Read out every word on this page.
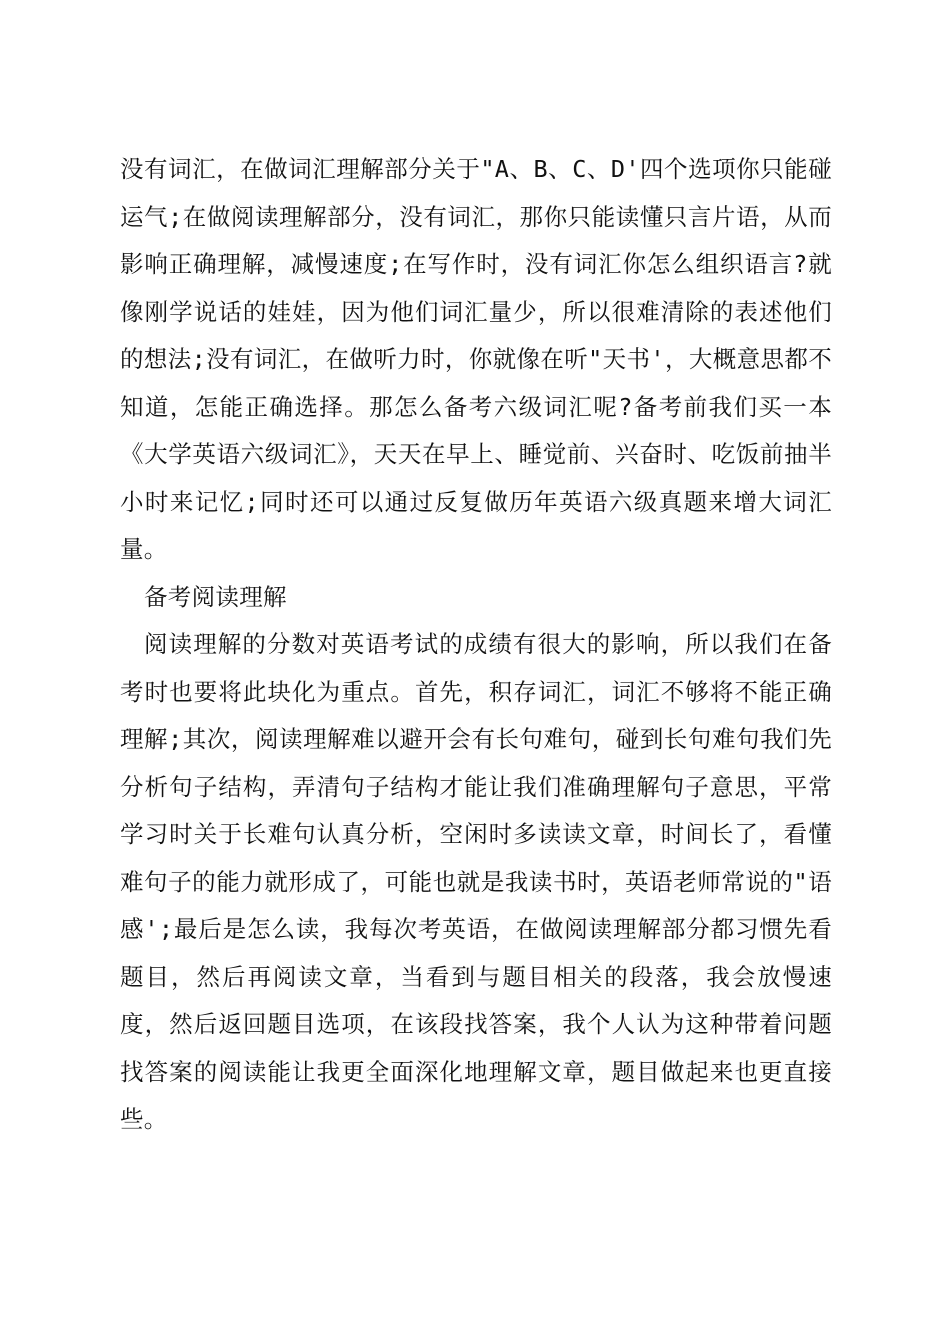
没有词汇，在做词汇理解部分关于"A、B、C、D'四个选项你只能碰运气;在做阅读理解部分，没有词汇，那你只能读懂只言片语，从而影响正确理解，减慢速度;在写作时，没有词汇你怎么组织语言?就像刚学说话的娃娃，因为他们词汇量少，所以很难清除的表述他们的想法;没有词汇，在做听力时，你就像在听"天书'，大概意思都不知道，怎能正确选择。那怎么备考六级词汇呢?备考前我们买一本《大学英语六级词汇》，天天在早上、睡觉前、兴奋时、吃饭前抽半小时来记忆;同时还可以通过反复做历年英语六级真题来增大词汇量。

备考阅读理解

阅读理解的分数对英语考试的成绩有很大的影响，所以我们在备考时也要将此块化为重点。首先，积存词汇，词汇不够将不能正确理解;其次，阅读理解难以避开会有长句难句，碰到长句难句我们先分析句子结构，弄清句子结构才能让我们准确理解句子意思，平常学习时关于长难句认真分析，空闲时多读读文章，时间长了，看懂难句子的能力就形成了，可能也就是我读书时，英语老师常说的"语感';最后是怎么读，我每次考英语，在做阅读理解部分都习惯先看题目，然后再阅读文章，当看到与题目相关的段落，我会放慢速度，然后返回题目选项，在该段找答案，我个人认为这种带着问题找答案的阅读能让我更全面深化地理解文章，题目做起来也更直接些。
